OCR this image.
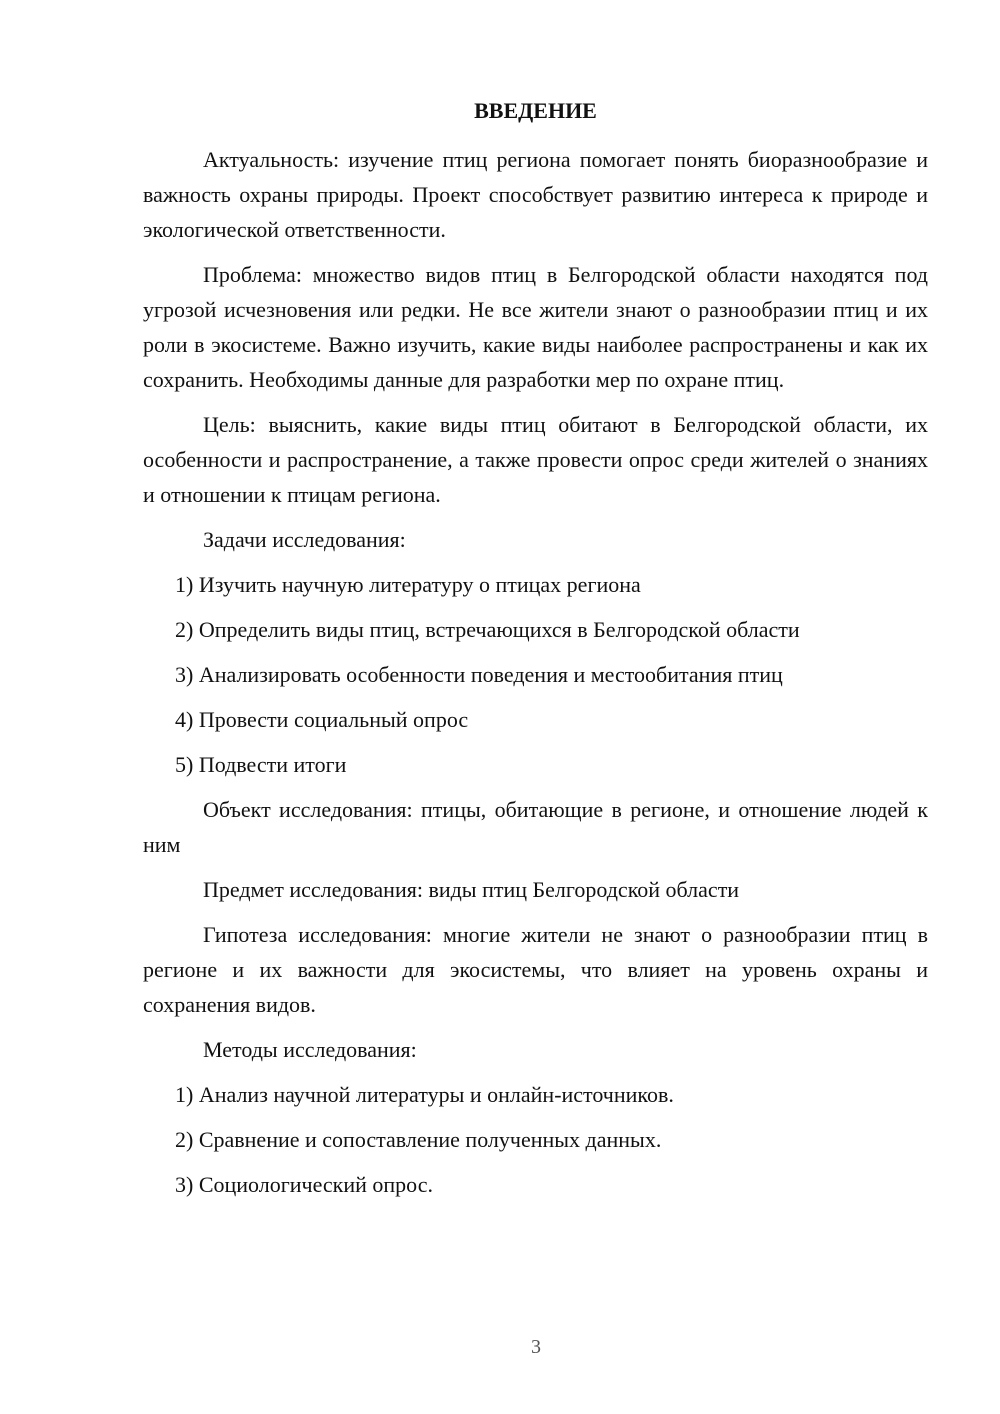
ВВЕДЕНИЕ

Актуальность: изучение птиц региона помогает понять биоразнообразие и важность охраны природы. Проект способствует развитию интереса к природе и экологической ответственности.

Проблема: множество видов птиц в Белгородской области находятся под угрозой исчезновения или редки. Не все жители знают о разнообразии птиц и их роли в экосистеме. Важно изучить, какие виды наиболее распространены и как их сохранить. Необходимы данные для разработки мер по охране птиц.

Цель: выяснить, какие виды птиц обитают в Белгородской области, их особенности и распространение, а также провести опрос среди жителей о знаниях и отношении к птицам региона.

Задачи исследования:

1) Изучить научную литературу о птицах региона
2) Определить виды птиц, встречающихся в Белгородской области
3) Анализировать особенности поведения и местообитания птиц
4) Провести социальный опрос
5) Подвести итоги

Объект исследования: птицы, обитающие в регионе, и отношение людей к ним

Предмет исследования: виды птиц Белгородской области

Гипотеза исследования: многие жители не знают о разнообразии птиц в регионе и их важности для экосистемы, что влияет на уровень охраны и сохранения видов.

Методы исследования:

1) Анализ научной литературы и онлайн-источников.
2) Сравнение и сопоставление полученных данных.
3) Социологический опрос.
3
